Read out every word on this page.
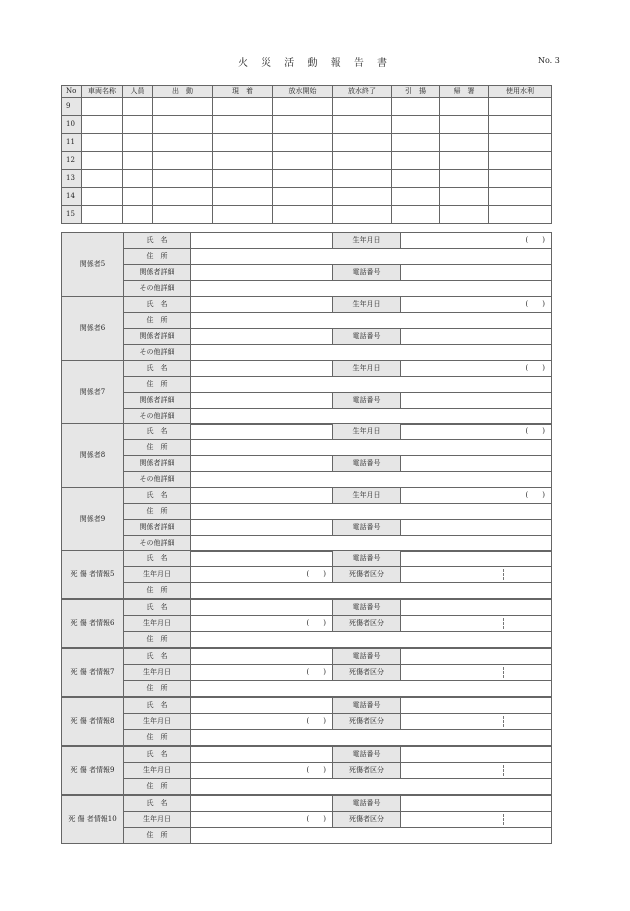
火 災 活 動 報 告 書	No. 3
No	車両名称	人員	出　動	現　着	放水開始	放水終了	引　揚	帰　署	使用水利
9									
10									
11									
12									
13									
14									
15									
関係者5	氏　名		生年月日	(　　)
	住　所			
	関係者詳細		電話番号	
	その他詳細			
関係者6	氏　名		生年月日	(　　)
	住　所			
	関係者詳細		電話番号	
	その他詳細			
関係者7	氏　名		生年月日	(　　)
	住　所			
	関係者詳細		電話番号	
	その他詳細			
関係者8	氏　名		生年月日	(　　)
	住　所			
	関係者詳細		電話番号	
	その他詳細			
関係者9	氏　名		生年月日	(　　)
	住　所			
	関係者詳細		電話番号	
	その他詳細			
死 傷 者情報5	氏　名		電話番号	
	生年月日	(　　)	死傷者区分	

	住　所			
死 傷 者情報6	氏　名		電話番号	
	生年月日	(　　)	死傷者区分	

	住　所			
死 傷 者情報7	氏　名		電話番号	
	生年月日	(　　)	死傷者区分	

	住　所			
死 傷 者情報8	氏　名		電話番号	
	生年月日	(　　)	死傷者区分	

	住　所			
死 傷 者情報9	氏　名		電話番号	
	生年月日	(　　)	死傷者区分	

	住　所			
死 傷 者情報10	氏　名		電話番号	
	生年月日	(　　)	死傷者区分	

	住　所			
